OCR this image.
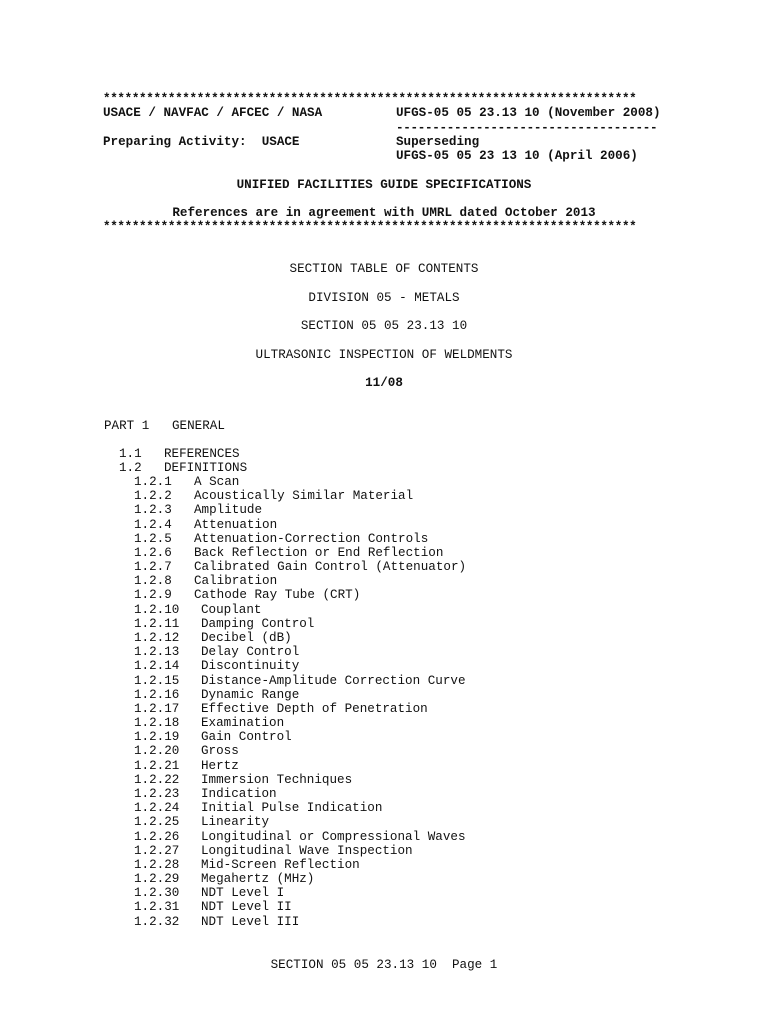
**************************************************************************
USACE / NAVFAC / AFCEC / NASA	UFGS-05 05 23.13 10 (November 2008)
------------------------------------
Preparing Activity:  USACE	Superseding
UFGS-05 05 23 13 10 (April 2006)
UNIFIED FACILITIES GUIDE SPECIFICATIONS
References are in agreement with UMRL dated October 2013
**************************************************************************
SECTION TABLE OF CONTENTS
DIVISION 05 - METALS
SECTION 05 05 23.13 10
ULTRASONIC INSPECTION OF WELDMENTS
11/08
PART 1 GENERAL

1.1

REFERENCES

1.2

DEFINITIONS

1.2.1 A Scan
1.2.2 Acoustically Similar Material
1.2.3 Amplitude
1.2.4 Attenuation
1.2.5 Attenuation-Correction Controls
1.2.6 Back Reflection or End Reflection
1.2.7 Calibrated Gain Control (Attenuator)
1.2.8 Calibration
1.2.9 Cathode Ray Tube (CRT)
1.2.10 Couplant
1.2.11 Damping Control
1.2.12 Decibel (dB)
1.2.13 Delay Control
1.2.14 Discontinuity
1.2.15 Distance-Amplitude Correction Curve
1.2.16 Dynamic Range
1.2.17 Effective Depth of Penetration
1.2.18 Examination
1.2.19 Gain Control
1.2.20 Gross
1.2.21 Hertz
1.2.22 Immersion Techniques
1.2.23 Indication
1.2.24 Initial Pulse Indication
1.2.25 Linearity
1.2.26 Longitudinal or Compressional Waves
1.2.27 Longitudinal Wave Inspection
1.2.28 Mid-Screen Reflection
1.2.29 Megahertz (MHz)
1.2.30 NDT Level I
1.2.31 NDT Level II
1.2.32 NDT Level III
SECTION 05 05 23.13 10  Page 1
